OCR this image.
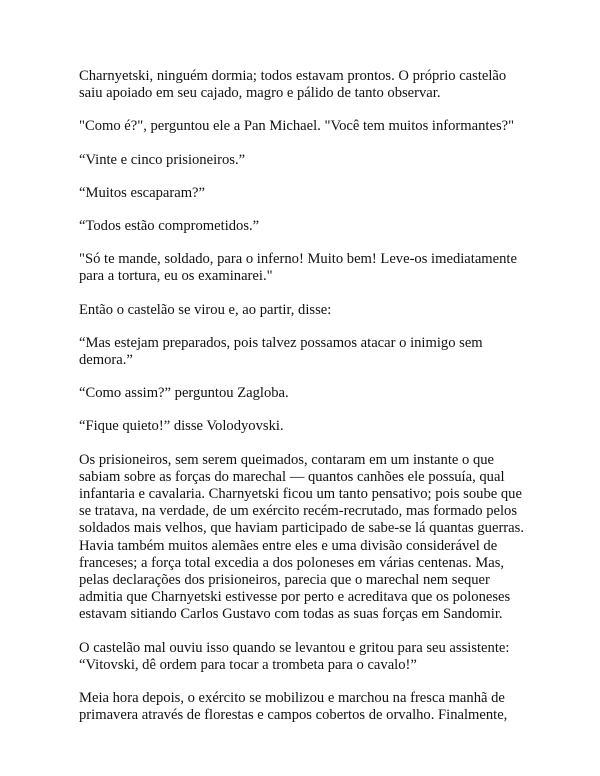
Charnyetski, ninguém dormia; todos estavam prontos. O próprio castelão saiu apoiado em seu cajado, magro e pálido de tanto observar.

"Como é?", perguntou ele a Pan Michael. "Você tem muitos informantes?"

“Vinte e cinco prisioneiros.”

“Muitos escaparam?”

“Todos estão comprometidos.”

"Só te mande, soldado, para o inferno! Muito bem! Leve-os imediatamente para a tortura, eu os examinarei."

Então o castelão se virou e, ao partir, disse:

“Mas estejam preparados, pois talvez possamos atacar o inimigo sem demora.”

“Como assim?” perguntou Zagloba.

“Fique quieto!” disse Volodyovski.

Os prisioneiros, sem serem queimados, contaram em um instante o que sabiam sobre as forças do marechal — quantos canhões ele possuía, qual infantaria e cavalaria. Charnyetski ficou um tanto pensativo; pois soube que se tratava, na verdade, de um exército recém-recrutado, mas formado pelos soldados mais velhos, que haviam participado de sabe-se lá quantas guerras. Havia também muitos alemães entre eles e uma divisão considerável de franceses; a força total excedia a dos poloneses em várias centenas. Mas, pelas declarações dos prisioneiros, parecia que o marechal nem sequer admitia que Charnyetski estivesse por perto e acreditava que os poloneses estavam sitiando Carlos Gustavo com todas as suas forças em Sandomir.

O castelão mal ouviu isso quando se levantou e gritou para seu assistente: “Vitovski, dê ordem para tocar a trombeta para o cavalo!”

Meia hora depois, o exército se mobilizou e marchou na fresca manhã de primavera através de florestas e campos cobertos de orvalho. Finalmente,
